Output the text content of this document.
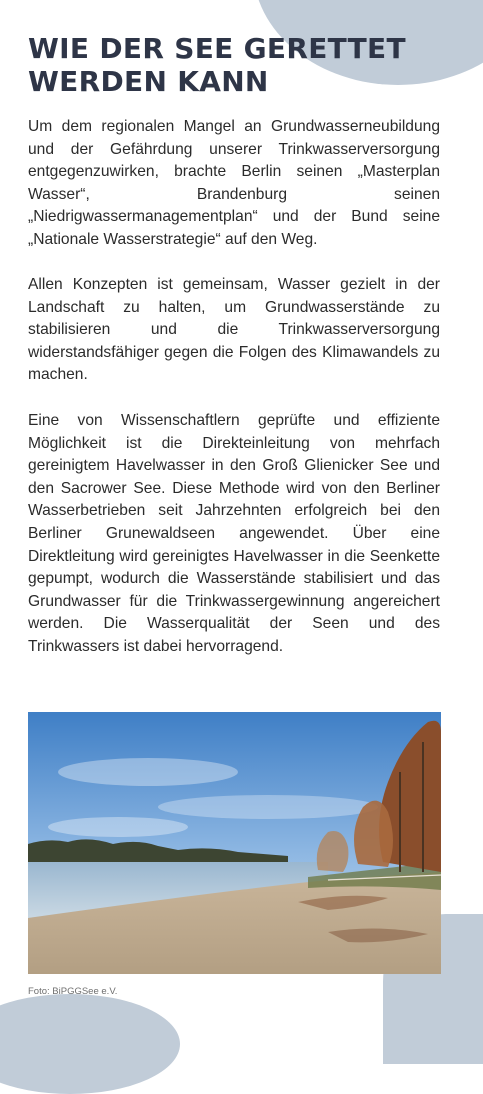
WIE DER SEE GERETTET WERDEN KANN

Um dem regionalen Mangel an Grundwasserneubildung und der Gefährdung unserer Trinkwasserversorgung entgegenzuwirken, brachte Berlin seinen „Masterplan Wasser“, Brandenburg seinen „Niedrigwassermanagementplan“ und der Bund seine „Nationale Wasserstrategie“ auf den Weg.

Allen Konzepten ist gemeinsam, Wasser gezielt in der Landschaft zu halten, um Grundwasserstände zu stabilisieren und die Trinkwasserversorgung widerstandsfähiger gegen die Folgen des Klimawandels zu machen.

Eine von Wissenschaftlern geprüfte und effiziente Möglichkeit ist die Direkteinleitung von mehrfach gereinigtem Havelwasser in den Groß Glienicker See und den Sacrower See. Diese Methode wird von den Berliner Wasserbetrieben seit Jahrzehnten erfolgreich bei den Berliner Grunewaldseen angewendet. Über eine Direktleitung wird gereinigtes Havelwasser in die Seenkette gepumpt, wodurch die Wasserstände stabilisiert und das Grundwasser für die Trinkwassergewinnung angereichert werden. Die Wasserqualität der Seen und des Trinkwassers ist dabei hervorragend.

Foto: BiPGGSee e.V.
